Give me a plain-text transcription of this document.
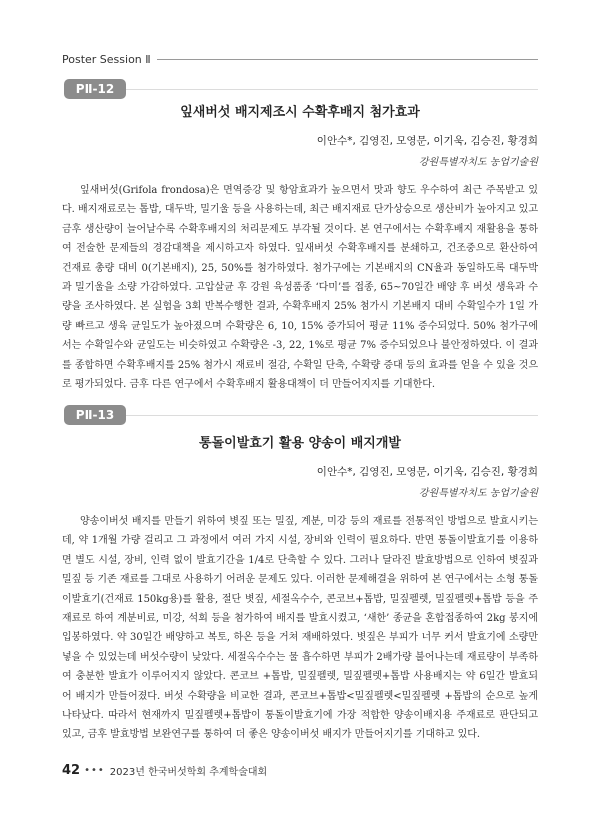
Poster Session Ⅱ
PⅡ-12
잎새버섯 배지제조시 수확후배지 첨가효과
이안수*, 김영진, 모영문, 이기욱, 김승진, 황경희
강원특별자치도 농업기술원

잎새버섯(Grifola frondosa)은 면역증강 및 항암효과가 높으면서 맛과 향도 우수하여 최근 주목받고 있다. 배지재료로는 톱밥, 대두박, 밀기울 등을 사용하는데, 최근 배지재료 단가상승으로 생산비가 높아지고 있고 금후 생산량이 늘어날수록 수확후배지의 처리문제도 부각될 것이다. 본 연구에서는 수확후배지 재활용을 통하여 전술한 문제들의 경감대책을 제시하고자 하였다. 잎새버섯 수확후배지를 분쇄하고, 건조중으로 환산하여 건재료 총량 대비 0(기본배지), 25, 50%를 첨가하였다. 첨가구에는 기본배지의 CN율과 동일하도록 대두박과 밀기울을 소량 가감하였다. 고압살균 후 강원 육성품종 ‘다미’를 접종, 65~70일간 배양 후 버섯 생육과 수량을 조사하였다. 본 실험을 3회 반복수행한 결과, 수확후배지 25% 첨가시 기본배지 대비 수확일수가 1일 가량 빠르고 생육 균일도가 높아졌으며 수확량은 6, 10, 15% 증가되어 평균 11% 증수되었다. 50% 첨가구에서는 수확일수와 균일도는 비슷하였고 수확량은 -3, 22, 1%로 평균 7% 증수되었으나 불안정하였다. 이 결과를 종합하면 수확후배지를 25% 첨가시 재료비 절감, 수확일 단축, 수확량 증대 등의 효과를 얻을 수 있을 것으로 평가되었다. 금후 다른 연구에서 수확후배지 활용대책이 더 만들어지지를 기대한다.

PⅡ-13
통돌이발효기 활용 양송이 배지개발
이안수*, 김영진, 모영문, 이기욱, 김승진, 황경희
강원특별자치도 농업기술원

양송이버섯 배지를 만들기 위하여 볏짚 또는 밀짚, 계분, 미강 등의 재료를 전통적인 방법으로 발효시키는데, 약 1개월 가량 걸리고 그 과정에서 여러 가지 시설, 장비와 인력이 필요하다. 반면 통돌이발효기를 이용하면 별도 시설, 장비, 인력 없이 발효기간을 1/4로 단축할 수 있다. 그러나 달라진 발효방법으로 인하여 볏짚과 밀짚 등 기존 재료를 그대로 사용하기 어려운 문제도 있다. 이러한 문제해결을 위하여 본 연구에서는 소형 통돌이발효기(건재료 150kg용)를 활용, 절단 볏짚, 세절옥수수, 콘코브+톱밥, 밀짚펠렛, 밀짚펠렛+톱밥 등을 주재료로 하여 계분비료, 미강, 석회 등을 첨가하여 배지를 발효시켰고, ‘새한’ 종균을 혼합접종하여 2kg 봉지에 입봉하였다. 약 30일간 배양하고 복토, 하온 등을 거쳐 재배하였다. 볏짚은 부피가 너무 커서 발효기에 소량만 넣을 수 있었는데 버섯수량이 낮았다. 세절옥수수는 물 흡수하면 부피가 2배가량 불어나는데 재료량이 부족하여 충분한 발효가 이루어지지 않았다. 콘코브 +톱밥, 밀짚펠렛, 밀짚펠렛+톱밥 사용배지는 약 6일간 발효되어 배지가 만들어졌다. 버섯 수확량을 비교한 결과, 콘코브+톱밥<밀짚펠렛<밀짚펠렛 +톱밥의 순으로 높게 나타났다. 따라서 현재까지 밀짚펠렛+톱밥이 통돌이발효기에 가장 적합한 양송이배지용 주재료로 판단되고 있고, 금후 발효방법 보완연구를 통하여 더 좋은 양송이버섯 배지가 만들어지기를 기대하고 있다.

42 ••• 2023년 한국버섯학회 추계학술대회
